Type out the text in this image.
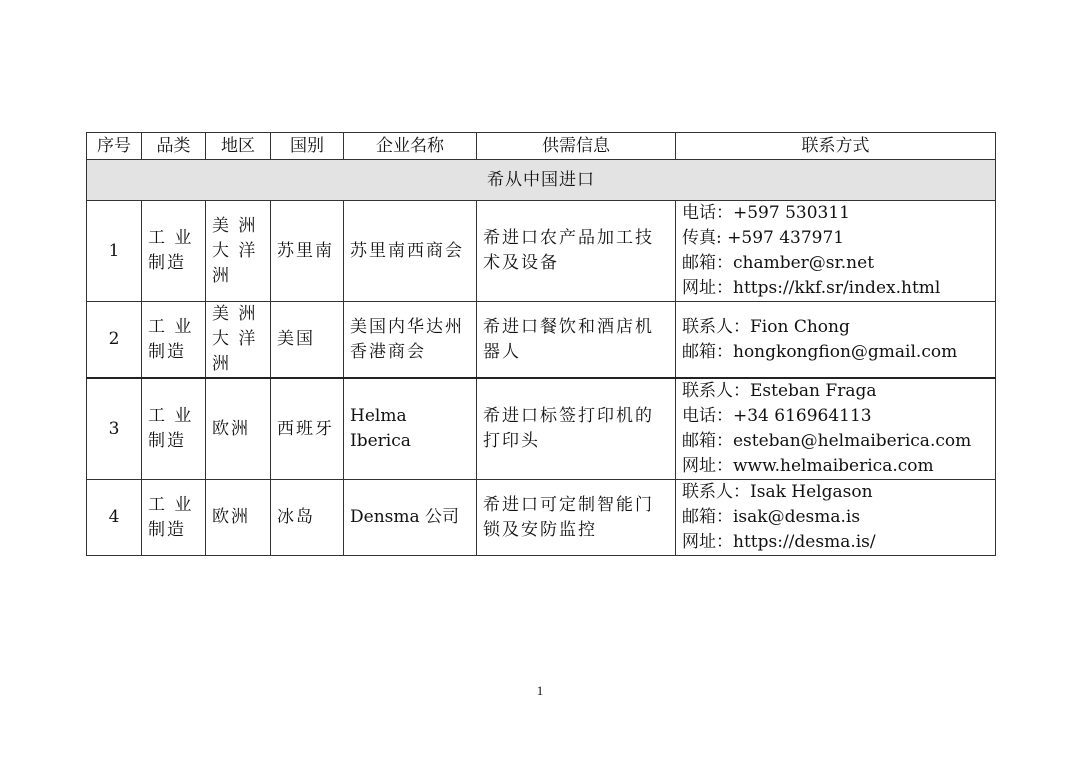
序号	品类	地区	国别	企业名称	供需信息	联系方式
希从中国进口						
1	工 业 制造	美 洲 大 洋 洲	苏里南	苏里南西商会	希进口农产品加工技术及设备	电话：+597 530311
传真: +597 437971
邮箱：chamber@sr.net
网址：https://kkf.sr/index.html

2	工 业 制造	美 洲 大 洋 洲	美国	美国内华达州香港商会	希进口餐饮和酒店机器人	联系人：Fion Chong
邮箱：hongkongfion@gmail.com

3	工 业 制造	欧洲	西班牙	Helma Iberica	希进口标签打印机的打印头	联系人：Esteban Fraga
电话：+34 616964113
邮箱：esteban@helmaiberica.com
网址：www.helmaiberica.com

4	工 业 制造	欧洲	冰岛	Densma 公司	希进口可定制智能门锁及安防监控	联系人：Isak Helgason
邮箱：isak@desma.is
网址：https://desma.is/
1
